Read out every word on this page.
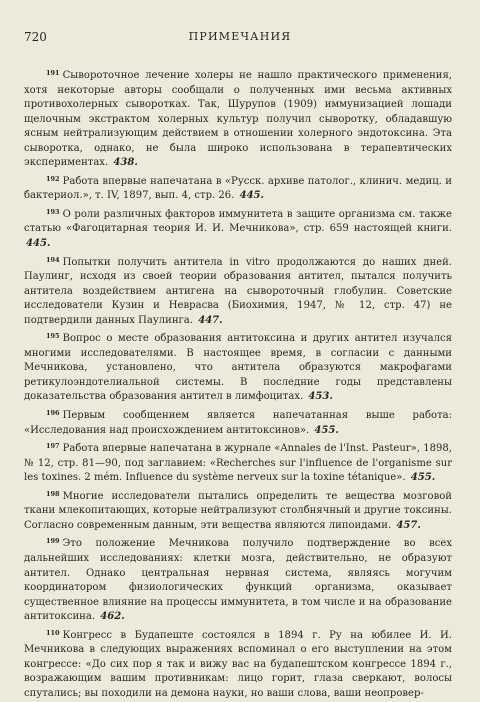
720	ПРИМЕЧАНИЯ

$^{191}$ Сывороточное лечение холеры не нашло практического применения, хотя некоторые авторы сообщали о полученных ими весьма активных противохолерных сыворотках. Так, Шурупов (1909) иммунизацией лошади щелочным экстрактом холерных культур получил сыворотку, обладавшую ясным нейтрализующим действием в отношении холерного эндотоксина. Эта сыворотка, однако, не была широко использована в терапевтических экспериментах. 438.

$^{192}$ Работа впервые напечатана в «Русск. архиве патолог., клинич. медиц. и бактериол.», т. IV, 1897, вып. 4, стр. 26. 445.

$^{193}$ О роли различных факторов иммунитета в защите организма см. также статью «Фагоцитарная теория И. И. Мечникова», стр. 659 настоящей книги. 445.

$^{194}$ Попытки получить антитела in vitro продолжаются до наших дней. Паулинг, исходя из своей теории образования антител, пытался получить антитела воздействием антигена на сывороточный глобулин. Советские исследователи Кузин и Неврасва (Биохимия, 1947, № 12, стр. 47) не подтвердили данных Паулинга. 447.

$^{195}$ Вопрос о месте образования антитоксина и других антител изучался многими исследователями. В настоящее время, в согласии с данными Мечникова, установлено, что антитела образуются макрофагами ретикулоэндотелиальной системы. В последние годы представлены доказательства образования антител в лимфоцитах. 453.

$^{196}$ Первым сообщением является напечатанная выше работа: «Исследования над происхождением антитоксинов». 455.

$^{197}$ Работа впервые напечатана в журнале «Annales de l'Inst. Pasteur», 1898, № 12, стр. 81—90, под заглавием: «Recherches sur l'influence de l'organisme sur les toxines. 2 mém. Influence du système nerveux sur la toxine tétanique». 455.

$^{198}$ Многие исследователи пытались определить те вещества мозговой ткани млекопитающих, которые нейтрализуют столбнячный и другие токсины. Согласно современным данным, эти вещества являются липоидами. 457.

$^{199}$ Это положение Мечникова получило подтверждение во всех дальнейших исследованиях: клетки мозга, действительно, не образуют антител. Однако центральная нервная система, являясь могучим координатором физиологических функций организма, оказывает существенное влияние на процессы иммунитета, в том числе и на образование антитоксина. 462.

$^{110}$ Конгресс в Будапеште состоялся в 1894 г. Ру на юбилее И. И. Мечникова в следующих выражениях вспоминал о его выступлении на этом конгрессе: «До сих пор я так и вижу вас на будапештском конгрессе 1894 г., возражающим вашим противникам: лицо горит, глаза сверкают, волосы спутались; вы походили на демона науки, но ваши слова, ваши неопровер-
